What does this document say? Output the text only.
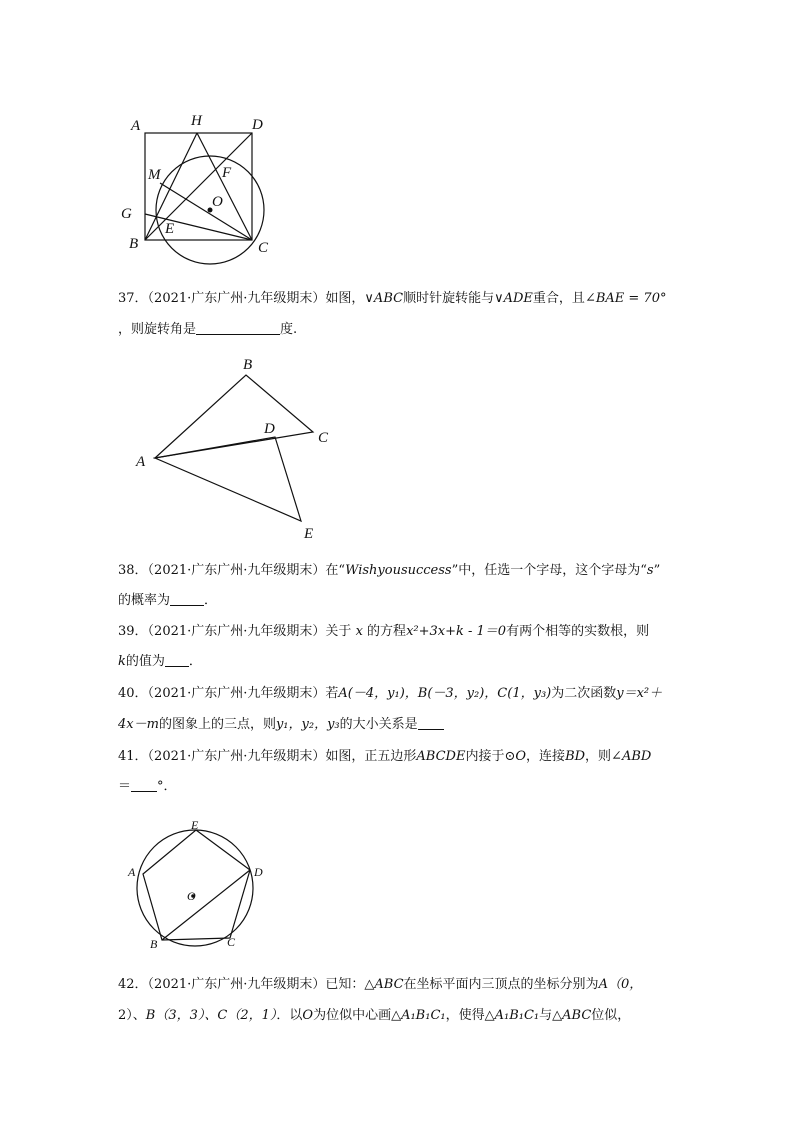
A	H	D
M	F
O
G
B
E
C
37．（2021·广东广州·九年级期末）如图，∨ABC顺时针旋转能与∨ADE重合，且∠BAE = 70°
，则旋转角是	度.
B
C
D
A
E
38．（2021·广东广州·九年级期末）在“Wishyousuccess”中，任选一个字母，这个字母为“s”
的概率为	．
39．（2021·广东广州·九年级期末）关于 x 的方程x²+3x+k - 1＝0有两个相等的实数根，则
k的值为 ．
40．（2021·广东广州·九年级期末）若A(－4，y₁)，B(－3，y₂)，C(1，y₃)为二次函数y＝x²＋
4x－m的图象上的三点，则y₁，y₂，y₃的大小关系是
41．（2021·广东广州·九年级期末）如图，正五边形ABCDE内接于⊙O，连接BD，则∠ABD
＝ °．
E
A	D
O
B	C
42．（2021·广东广州·九年级期末）已知：△ABC在坐标平面内三顶点的坐标分别为A（0，
2）、B（3，3）、C（2，1）．以O为位似中心画△A₁B₁C₁，使得△A₁B₁C₁与△ABC位似，
